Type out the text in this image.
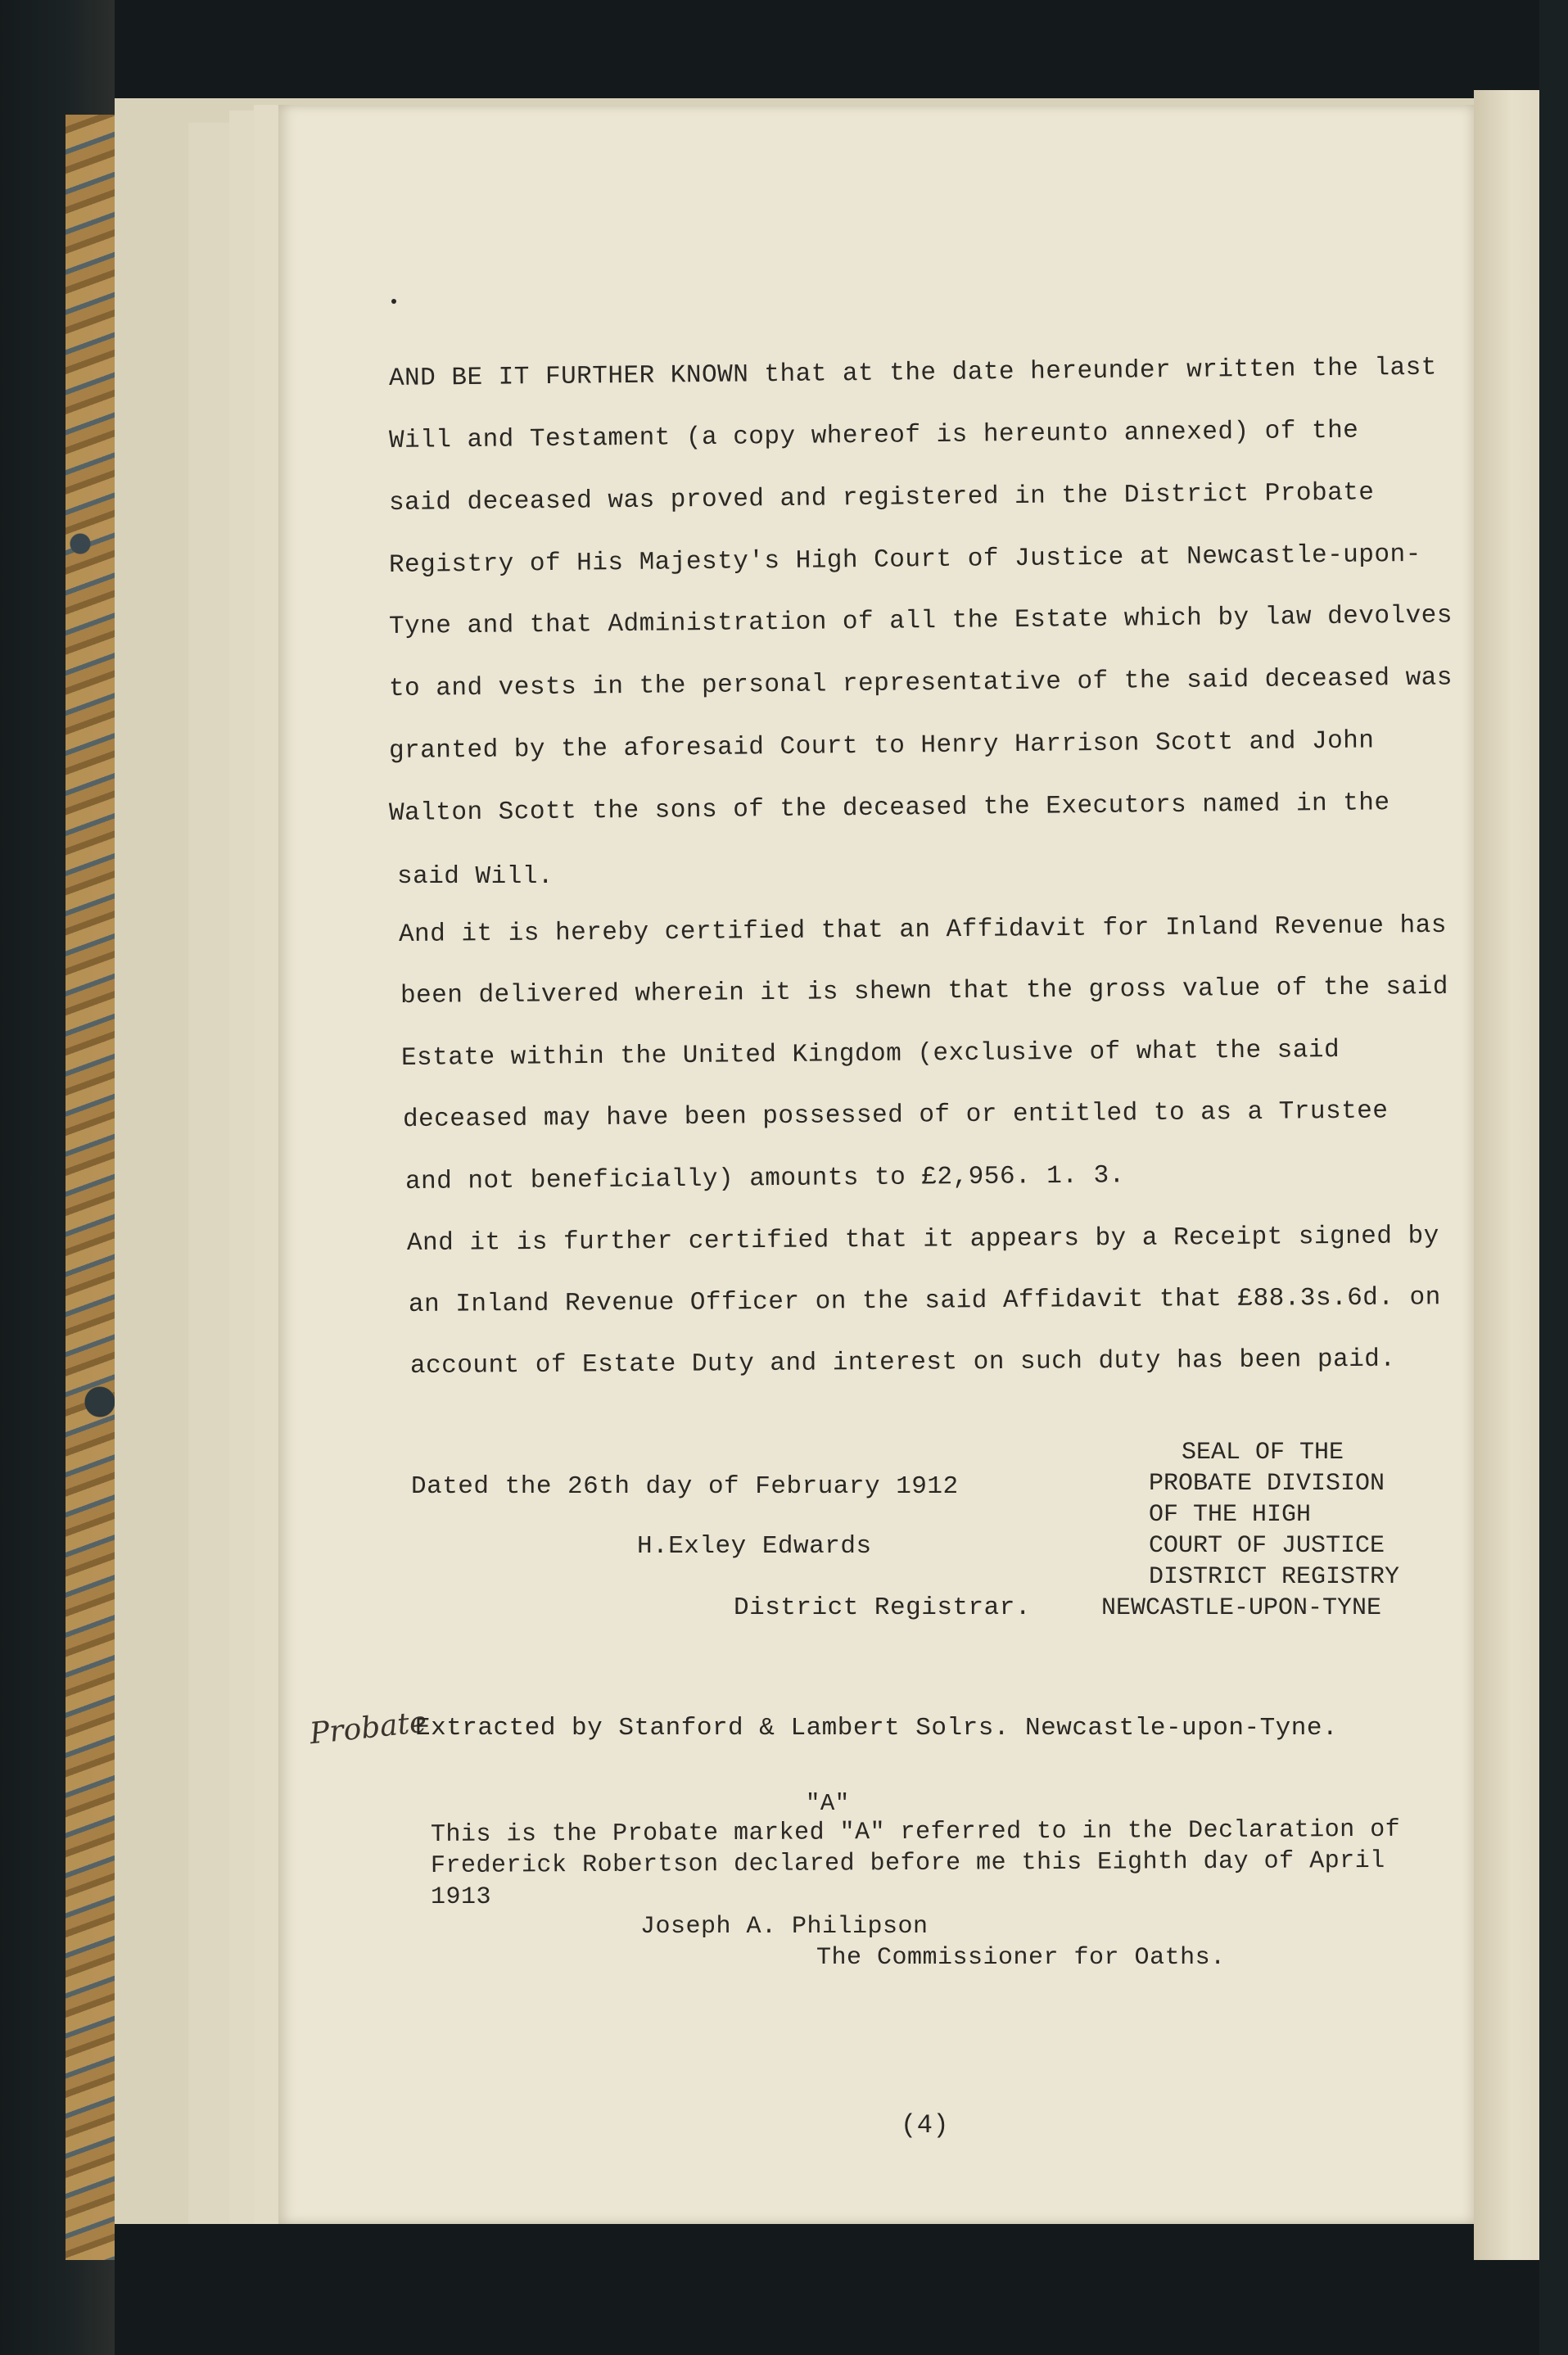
AND BE IT FURTHER KNOWN that at the date hereunder written the last
Will and Testament (a copy whereof is hereunto annexed) of the
said deceased was proved and registered in the District Probate
Registry of His Majesty's High Court of Justice at Newcastle-upon-
Tyne and that Administration of all the Estate which by law devolves
to and vests in the personal representative of the said deceased was
granted by the aforesaid Court to Henry Harrison Scott and John
Walton Scott the sons of the deceased the Executors named in the
said Will.
And it is hereby certified that an Affidavit for Inland Revenue has
been delivered wherein it is shewn that the gross value of the said
Estate within the United Kingdom (exclusive of what the said
deceased may have been possessed of or entitled to as a Trustee
and not beneficially) amounts to £2,956. 1. 3.
And it is further certified that it appears by a Receipt signed by
an Inland Revenue Officer on the said Affidavit that £88.3s.6d. on
account of Estate Duty and interest on such duty has been paid.
Dated the 26th day of February 1912
H.Exley Edwards
District Registrar.
SEAL OF THE
PROBATE DIVISION
OF THE HIGH
COURT OF JUSTICE
DISTRICT REGISTRY
NEWCASTLE-UPON-TYNE
Probate
Extracted by Stanford & Lambert Solrs. Newcastle-upon-Tyne.
"A"
This is the Probate marked "A" referred to in the Declaration of
Frederick Robertson declared before me this Eighth day of April
1913
Joseph A. Philipson
The Commissioner for Oaths.
(4)
